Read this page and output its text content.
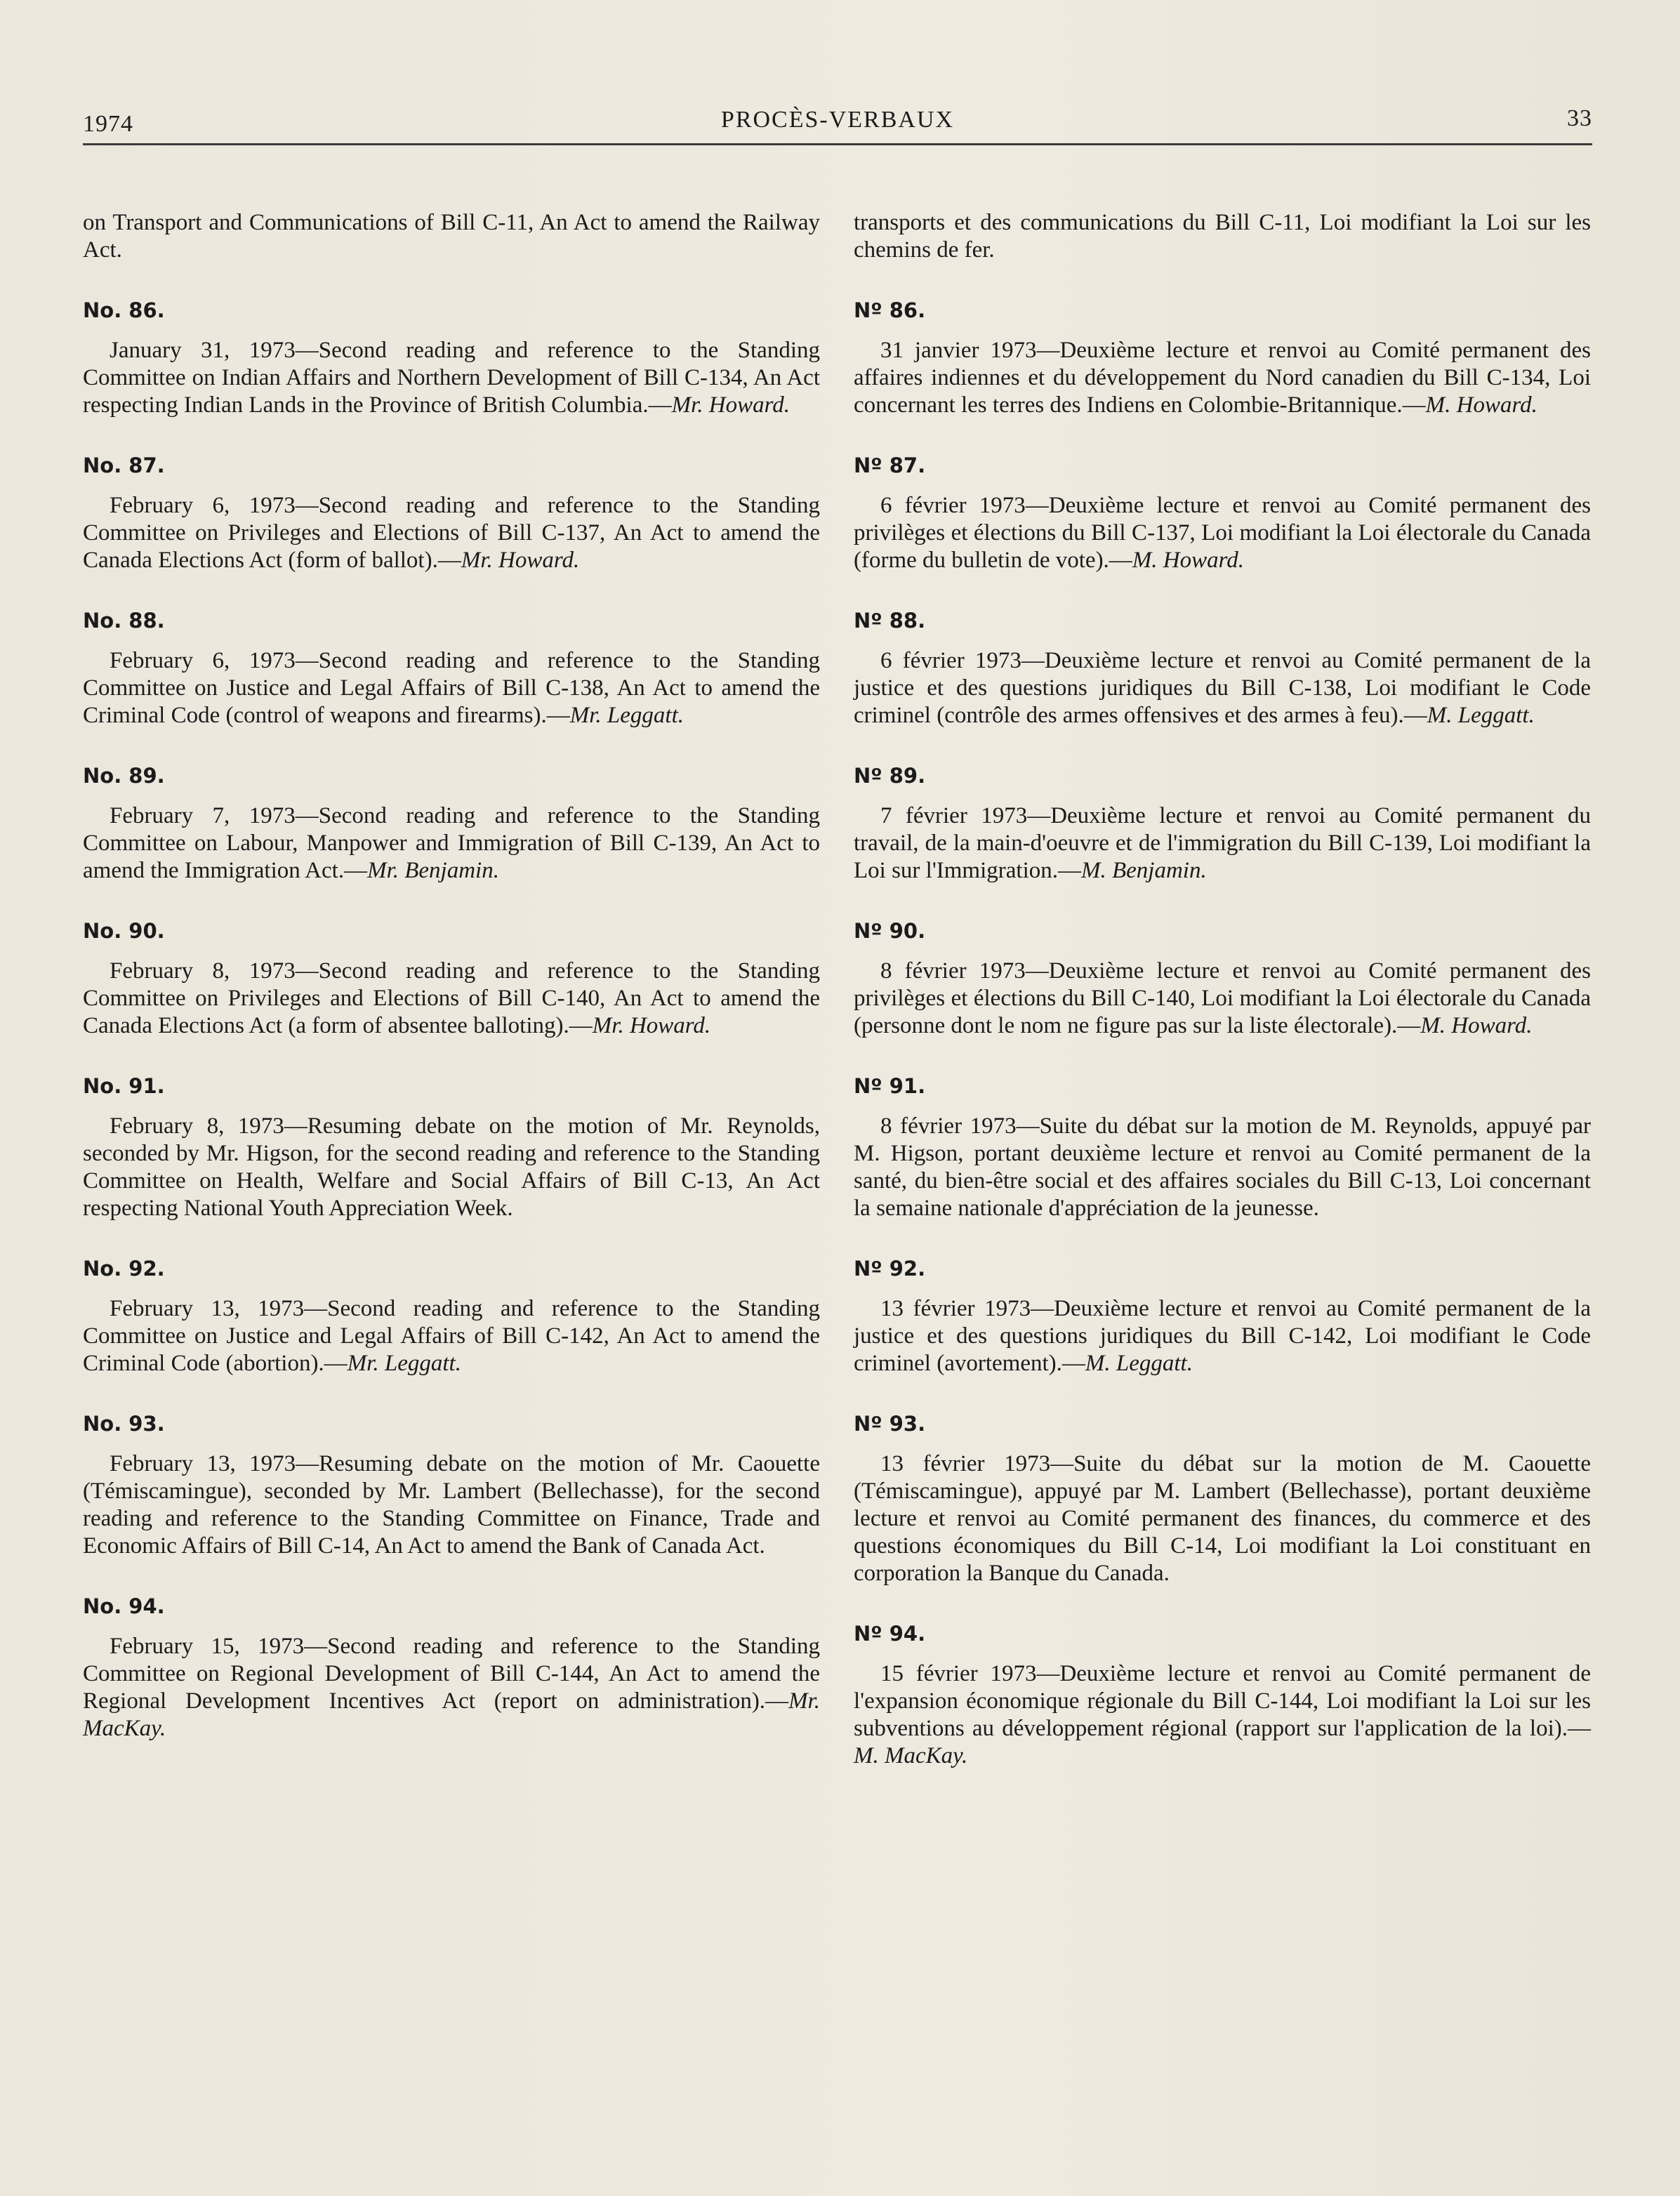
1974	PROCÈS-VERBAUX	33

on Transport and Communications of Bill C-11, An Act to amend the Railway Act.

No. 86.

January 31, 1973—Second reading and reference to the Standing Committee on Indian Affairs and Northern Development of Bill C-134, An Act respecting Indian Lands in the Province of British Columbia.—Mr. Howard.

No. 87.

February 6, 1973—Second reading and reference to the Standing Committee on Privileges and Elections of Bill C-137, An Act to amend the Canada Elections Act (form of ballot).—Mr. Howard.

No. 88.

February 6, 1973—Second reading and reference to the Standing Committee on Justice and Legal Affairs of Bill C-138, An Act to amend the Criminal Code (control of weapons and firearms).—Mr. Leggatt.

No. 89.

February 7, 1973—Second reading and reference to the Standing Committee on Labour, Manpower and Immigration of Bill C-139, An Act to amend the Immigration Act.—Mr. Benjamin.

No. 90.

February 8, 1973—Second reading and reference to the Standing Committee on Privileges and Elections of Bill C-140, An Act to amend the Canada Elections Act (a form of absentee balloting).—Mr. Howard.

No. 91.

February 8, 1973—Resuming debate on the motion of Mr. Reynolds, seconded by Mr. Higson, for the second reading and reference to the Standing Committee on Health, Welfare and Social Affairs of Bill C-13, An Act respecting National Youth Appreciation Week.

No. 92.

February 13, 1973—Second reading and reference to the Standing Committee on Justice and Legal Affairs of Bill C-142, An Act to amend the Criminal Code (abortion).—Mr. Leggatt.

No. 93.

February 13, 1973—Resuming debate on the motion of Mr. Caouette (Témiscamingue), seconded by Mr. Lambert (Bellechasse), for the second reading and reference to the Standing Committee on Finance, Trade and Economic Affairs of Bill C-14, An Act to amend the Bank of Canada Act.

No. 94.

February 15, 1973—Second reading and reference to the Standing Committee on Regional Development of Bill C-144, An Act to amend the Regional Development Incentives Act (report on administration).—Mr. MacKay.

transports et des communications du Bill C-11, Loi modifiant la Loi sur les chemins de fer.

Nº 86.

31 janvier 1973—Deuxième lecture et renvoi au Comité permanent des affaires indiennes et du développement du Nord canadien du Bill C-134, Loi concernant les terres des Indiens en Colombie-Britannique.—M. Howard.

Nº 87.

6 février 1973—Deuxième lecture et renvoi au Comité permanent des privilèges et élections du Bill C-137, Loi modifiant la Loi électorale du Canada (forme du bulletin de vote).—M. Howard.

Nº 88.

6 février 1973—Deuxième lecture et renvoi au Comité permanent de la justice et des questions juridiques du Bill C-138, Loi modifiant le Code criminel (contrôle des armes offensives et des armes à feu).—M. Leggatt.

Nº 89.

7 février 1973—Deuxième lecture et renvoi au Comité permanent du travail, de la main-d'oeuvre et de l'immigration du Bill C-139, Loi modifiant la Loi sur l'Immigration.—M. Benjamin.

Nº 90.

8 février 1973—Deuxième lecture et renvoi au Comité permanent des privilèges et élections du Bill C-140, Loi modifiant la Loi électorale du Canada (personne dont le nom ne figure pas sur la liste électorale).—M. Howard.

Nº 91.

8 février 1973—Suite du débat sur la motion de M. Reynolds, appuyé par M. Higson, portant deuxième lecture et renvoi au Comité permanent de la santé, du bien-être social et des affaires sociales du Bill C-13, Loi concernant la semaine nationale d'appréciation de la jeunesse.

Nº 92.

13 février 1973—Deuxième lecture et renvoi au Comité permanent de la justice et des questions juridiques du Bill C-142, Loi modifiant le Code criminel (avortement).—M. Leggatt.

Nº 93.

13 février 1973—Suite du débat sur la motion de M. Caouette (Témiscamingue), appuyé par M. Lambert (Bellechasse), portant deuxième lecture et renvoi au Comité permanent des finances, du commerce et des questions économiques du Bill C-14, Loi modifiant la Loi constituant en corporation la Banque du Canada.

Nº 94.

15 février 1973—Deuxième lecture et renvoi au Comité permanent de l'expansion économique régionale du Bill C-144, Loi modifiant la Loi sur les subventions au développement régional (rapport sur l'application de la loi).—M. MacKay.
